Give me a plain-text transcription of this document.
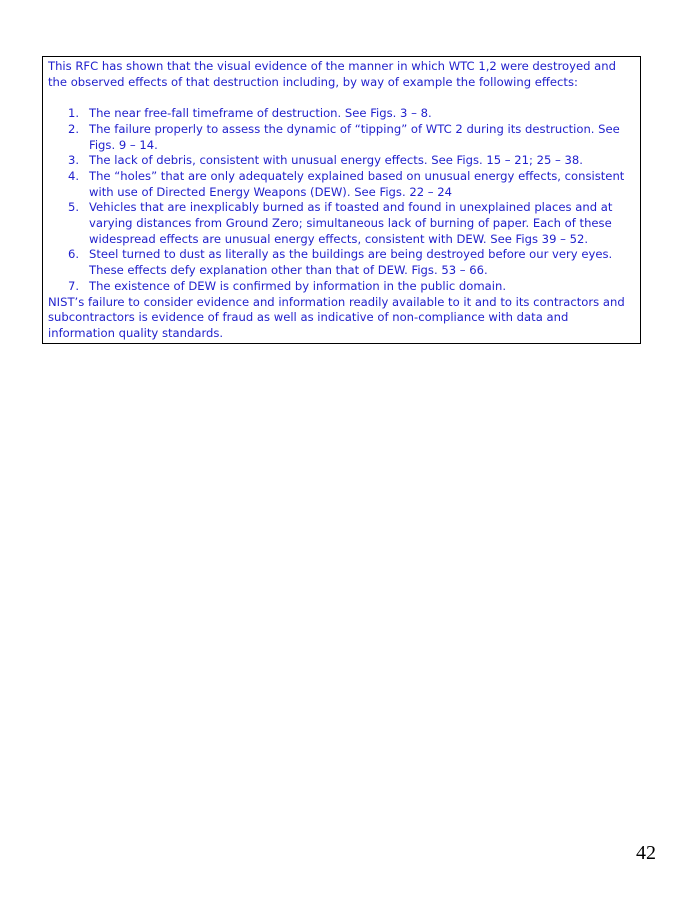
This RFC has shown that the visual evidence of the manner in which WTC 1,2 were destroyed and the observed effects of that destruction including, by way of example the following effects:

1. The near free-fall timeframe of destruction. See Figs. 3 – 8.
2. The failure properly to assess the dynamic of “tipping” of WTC 2 during its destruction. See Figs. 9 – 14.
3. The lack of debris, consistent with unusual energy effects. See Figs. 15 – 21; 25 – 38.
4. The “holes” that are only adequately explained based on unusual energy effects, consistent with use of Directed Energy Weapons (DEW). See Figs. 22 – 24
5. Vehicles that are inexplicably burned as if toasted and found in unexplained places and at varying distances from Ground Zero; simultaneous lack of burning of paper. Each of these widespread effects are unusual energy effects, consistent with DEW. See Figs 39 – 52.
6. Steel turned to dust as literally as the buildings are being destroyed before our very eyes. These effects defy explanation other than that of DEW. Figs. 53 – 66.
7. The existence of DEW is confirmed by information in the public domain.

NIST’s failure to consider evidence and information readily available to it and to its contractors and subcontractors is evidence of fraud as well as indicative of non-compliance with data and information quality standards.

42
